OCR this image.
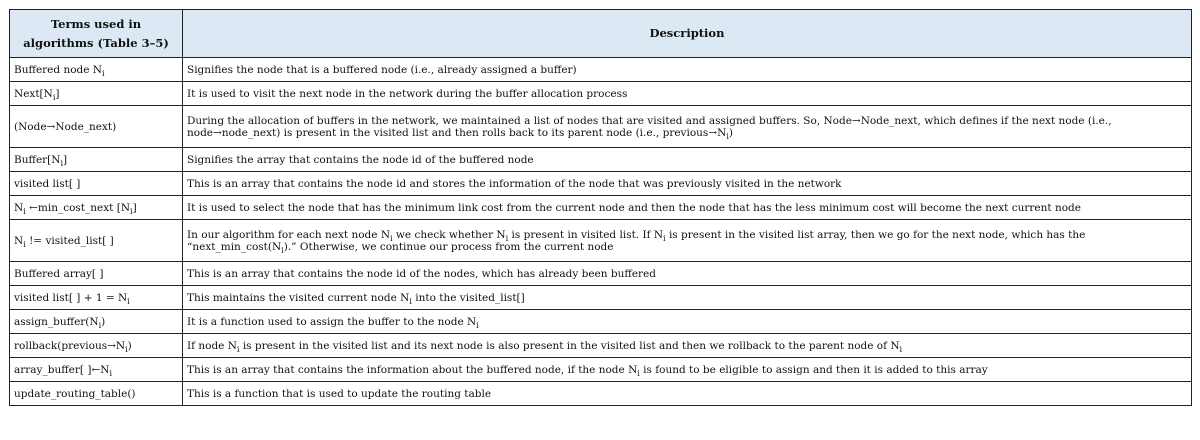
Terms used in algorithms (Table 3–5)	Description
Buffered node $N_i$	Signifies the node that is a buffered node (i.e., already assigned a buffer)
$Next[N_i]$	It is used to visit the next node in the network during the buffer allocation process
(Node→Node_next)	During the allocation of buffers in the network, we maintained a list of nodes that are visited and assigned buffers. So, Node→Node_next, which defines if the next node (i.e., node→node_next) is present in the visited list and then rolls back to its parent node (i.e., $previous\to N_i$)
$Buffer[N_i]$	Signifies the array that contains the node id of the buffered node
visited list[ ]	This is an array that contains the node id and stores the information of the node that was previously visited in the network
$N_i$ ←min_cost_next $[N_i]$	It is used to select the node that has the minimum link cost from the current node and then the node that has the less minimum cost will become the next current node
$N_i$ != visited_list[ ]	In our algorithm for each next node $N_i$ we check whether $N_i$ is present in visited list. If $N_i$ is present in the visited list array, then we go for the next node, which has the “$next\_\min\_\cos t(N_i)$.” Otherwise, we continue our process from the current node
Buffered array[ ]	This is an array that contains the node id of the nodes, which has already been buffered
visited list[ ] + $1 = N_i$	This maintains the visited current node $N_i$ into the visited_list[]
$assign\_buffer(N_i)$	It is a function used to assign the buffer to the node $N_i$
$rollback(previous\to N_i)$	If node $N_i$ is present in the visited list and its next node is also present in the visited list and then we rollback to the parent node of $N_i$
array_buffer[ ]$\leftarrow N_i$	This is an array that contains the information about the buffered node, if the node $N_i$ is found to be eligible to assign and then it is added to this array
update_routing_table()	This is a function that is used to update the routing table
